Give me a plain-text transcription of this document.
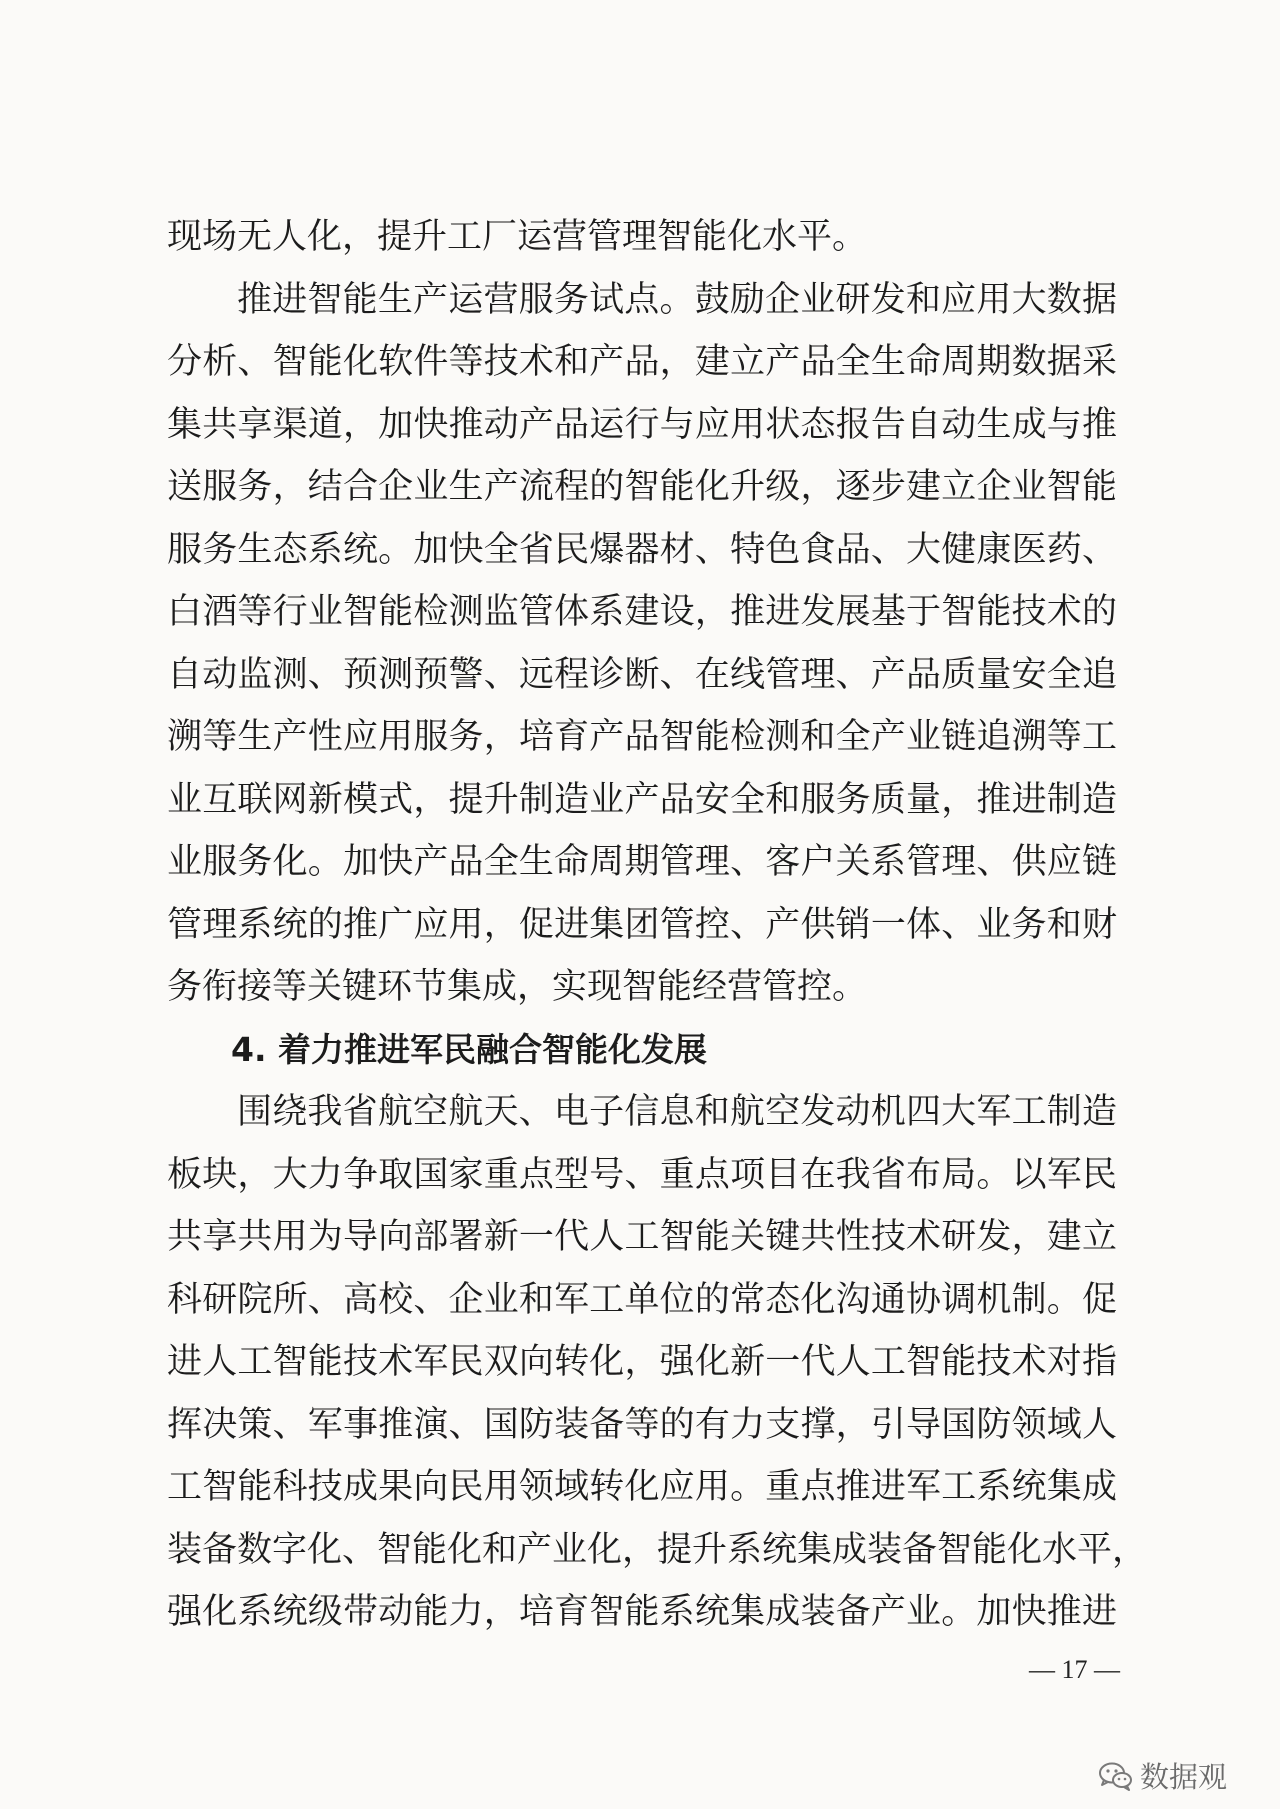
现场无人化，提升工厂运营管理智能化水平。
推进智能生产运营服务试点。鼓励企业研发和应用大数据
分析、智能化软件等技术和产品，建立产品全生命周期数据采
集共享渠道，加快推动产品运行与应用状态报告自动生成与推
送服务，结合企业生产流程的智能化升级，逐步建立企业智能
服务生态系统。加快全省民爆器材、特色食品、大健康医药、
白酒等行业智能检测监管体系建设，推进发展基于智能技术的
自动监测、预测预警、远程诊断、在线管理、产品质量安全追
溯等生产性应用服务，培育产品智能检测和全产业链追溯等工
业互联网新模式，提升制造业产品安全和服务质量，推进制造
业服务化。加快产品全生命周期管理、客户关系管理、供应链
管理系统的推广应用，促进集团管控、产供销一体、业务和财
务衔接等关键环节集成，实现智能经营管控。
4. 着力推进军民融合智能化发展
围绕我省航空航天、电子信息和航空发动机四大军工制造
板块，大力争取国家重点型号、重点项目在我省布局。以军民
共享共用为导向部署新一代人工智能关键共性技术研发，建立
科研院所、高校、企业和军工单位的常态化沟通协调机制。促
进人工智能技术军民双向转化，强化新一代人工智能技术对指
挥决策、军事推演、国防装备等的有力支撑，引导国防领域人
工智能科技成果向民用领域转化应用。重点推进军工系统集成
装备数字化、智能化和产业化，提升系统集成装备智能化水平，
强化系统级带动能力，培育智能系统集成装备产业。加快推进
— 17 —
数据观
